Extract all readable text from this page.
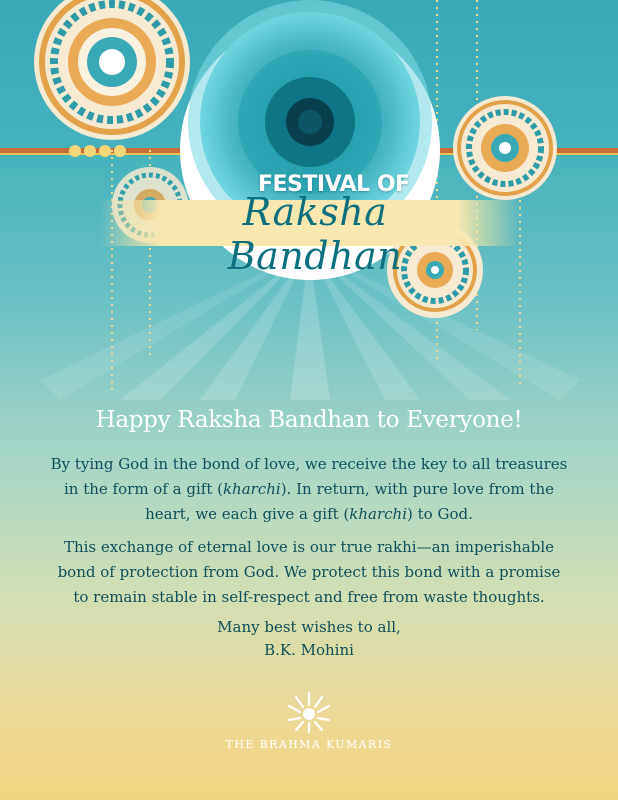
FESTIVAL OF
Raksha Bandhan
Happy Raksha Bandhan to Everyone!

By tying God in the bond of love, we receive the key to all treasures in the form of a gift (kharchi). In return, with pure love from the heart, we each give a gift (kharchi) to God.

This exchange of eternal love is our true rakhi—an imperishable bond of protection from God. We protect this bond with a promise to remain stable in self-respect and free from waste thoughts.

Many best wishes to all,
B.K. Mohini
THE BRAHMA KUMARIS
